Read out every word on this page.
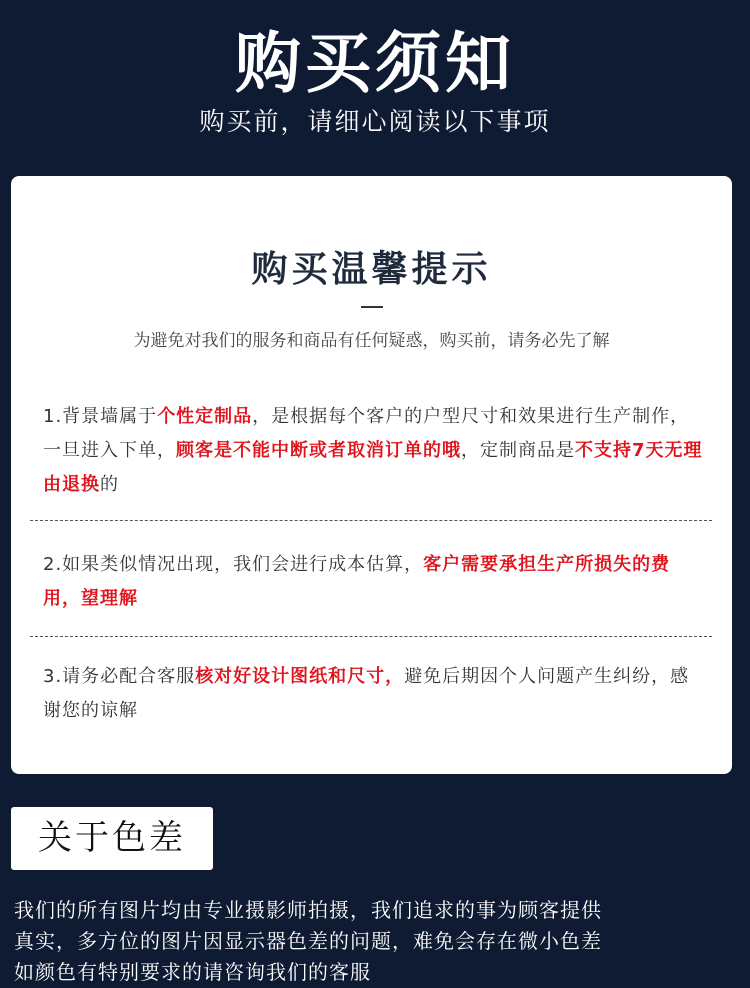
购买须知
购买前，请细心阅读以下事项
购买温馨提示
为避免对我们的服务和商品有任何疑惑，购买前，请务必先了解
1.背景墙属于个性定制品，是根据每个客户的户型尺寸和效果进行生产制作，一旦进入下单，顾客是不能中断或者取消订单的哦，定制商品是不支持7天无理由退换的
2.如果类似情况出现，我们会进行成本估算，客户需要承担生产所损失的费用，望理解
3.请务必配合客服核对好设计图纸和尺寸，避免后期因个人问题产生纠纷，感谢您的谅解
关于色差
我们的所有图片均由专业摄影师拍摄，我们追求的事为顾客提供
真实，多方位的图片因显示器色差的问题，难免会存在微小色差
如颜色有特别要求的请咨询我们的客服
